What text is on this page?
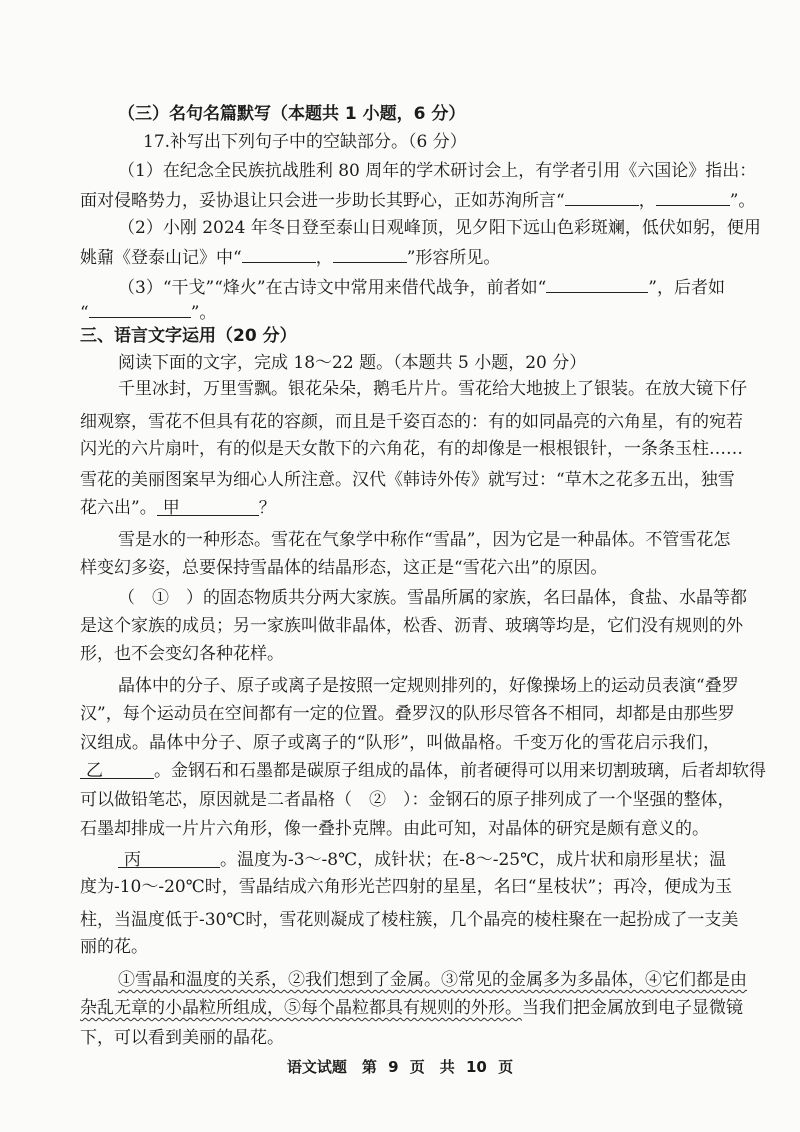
（三）名句名篇默写（本题共 1 小题，6 分）
17.补写出下列句子中的空缺部分。（6 分）
（1）在纪念全民族抗战胜利 80 周年的学术研讨会上，有学者引用《六国论》指出：
面对侵略势力，妥协退让只会进一步助长其野心，正如苏洵所言“	，	”。
（2）小刚 2024 年冬日登至泰山日观峰顶，见夕阳下远山色彩斑斓，低伏如躬，便用
姚鼐《登泰山记》中“	，	”形容所见。
（3）“干戈”“烽火”在古诗文中常用来借代战争，前者如“	”，后者如
“	”。
三、语言文字运用（20 分）
阅读下面的文字，完成 18～22 题。（本题共 5 小题，20 分）
千里冰封，万里雪飘。银花朵朵，鹅毛片片。雪花给大地披上了银装。在放大镜下仔
细观察，雪花不但具有花的容颜，而且是千姿百态的：有的如同晶亮的六角星，有的宛若
闪光的六片扇叶，有的似是天女散下的六角花，有的却像是一根根银针，一条条玉柱……
雪花的美丽图案早为细心人所注意。汉代《韩诗外传》就写过：“草木之花多五出，独雪
花六出”。 甲	？
雪是水的一种形态。雪花在气象学中称作“雪晶”，因为它是一种晶体。不管雪花怎
样变幻多姿，总要保持雪晶体的结晶形态，这正是“雪花六出”的原因。
（　①　）的固态物质共分两大家族。雪晶所属的家族，名曰晶体，食盐、水晶等都
是这个家族的成员；另一家族叫做非晶体，松香、沥青、玻璃等均是，它们没有规则的外
形，也不会变幻各种花样。
晶体中的分子、原子或离子是按照一定规则排列的，好像操场上的运动员表演“叠罗
汉”，每个运动员在空间都有一定的位置。叠罗汉的队形尽管各不相同，却都是由那些罗
汉组成。晶体中分子、原子或离子的“队形”，叫做晶格。千变万化的雪花启示我们，
乙	。金钢石和石墨都是碳原子组成的晶体，前者硬得可以用来切割玻璃，后者却软得
可以做铅笔芯，原因就是二者晶格（　②　）：金钢石的原子排列成了一个坚强的整体，
石墨却排成一片片六角形，像一叠扑克牌。由此可知，对晶体的研究是颇有意义的。
丙	。温度为-3～-8℃，成针状；在-8～-25℃，成片状和扇形星状；温
度为-10～-20℃时，雪晶结成六角形光芒四射的星星，名曰“星枝状”；再冷，便成为玉
柱，当温度低于-30℃时，雪花则凝成了棱柱簇，几个晶亮的棱柱聚在一起扮成了一支美
丽的花。
①雪晶和温度的关系，②我们想到了金属。③常见的金属多为多晶体，④它们都是由
杂乱无章的小晶粒所组成，⑤每个晶粒都具有规则的外形。当我们把金属放到电子显微镜
下，可以看到美丽的晶花。
语文试题　第 9 页　共 10 页
